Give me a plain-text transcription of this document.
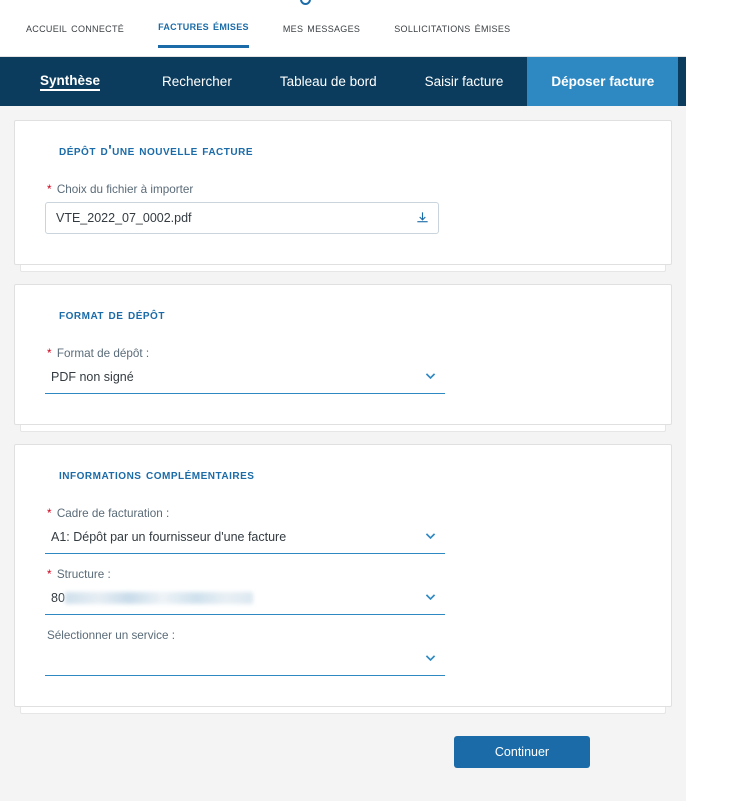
accueil connecté	factures émises	mes messages	sollicitations émises
Synthèse	Rechercher	Tableau de bord	Saisir facture	Déposer facture	R
dépôt d'une nouvelle facture
* Choix du fichier à importer
VTE_2022_07_0002.pdf
format de dépôt
* Format de dépôt :
PDF non signé
informations complémentaires
* Cadre de facturation :
A1: Dépôt par un fournisseur d'une facture
* Structure :
80
Sélectionner un service :
Continuer
